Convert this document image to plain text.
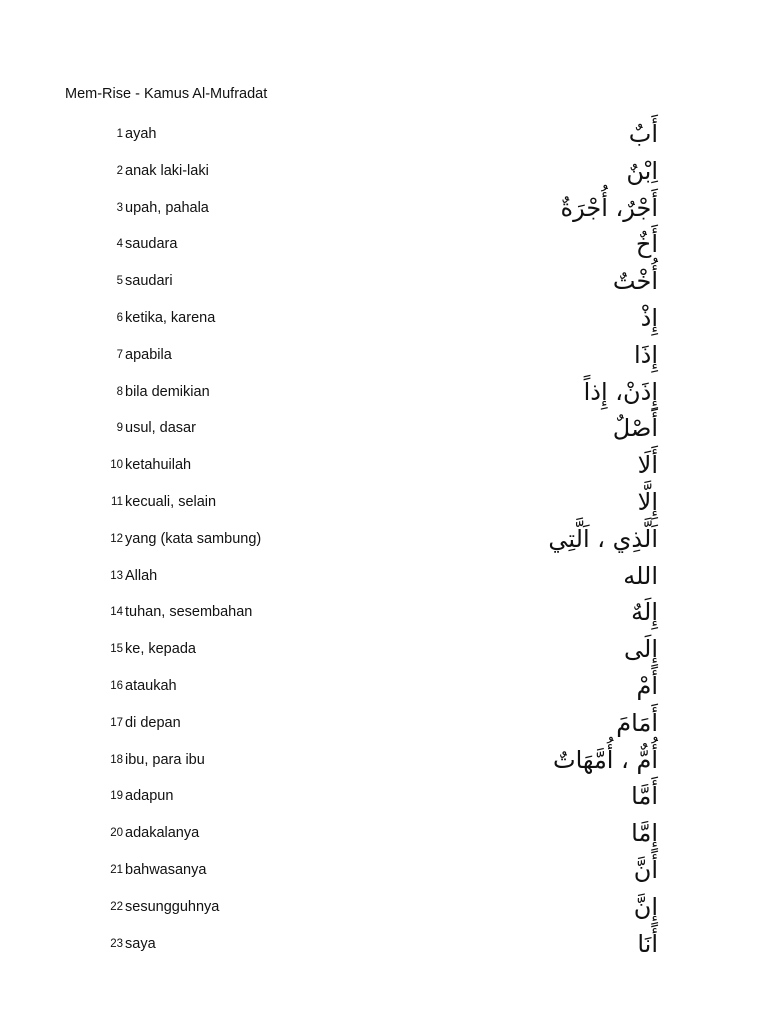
Mem-Rise - Kamus Al-Mufradat
1 ayah	أَبٌ
2 anak laki-laki	اِبْنٌ
3 upah, pahala	أَجْرٌ، أُجْرَةٌ
4 saudara	أَخٌ
5 saudari	أُخْتٌ
6 ketika, karena	إِذْ
7 apabila	إِذَا
8 bila demikian	إِذَنْ، إِذاً
9 usul, dasar	أَصْلٌ
10 ketahuilah	أَلَا
11 kecuali, selain	إِلَّا
12 yang (kata sambung)	اَلَّذِي ، اَلَّتِي
13 Allah	الله
14 tuhan, sesembahan	إِلَهٌ
15 ke, kepada	إِلَى
16 ataukah	أَمْ
17 di depan	أَمَامَ
18 ibu, para ibu	أُمٌّ ، أُمَّهَاتٌ
19 adapun	أَمَّا
20 adakalanya	إِمَّا
21 bahwasanya	أَنَّ
22 sesungguhnya	إِنَّ
23 saya	أَنَا
